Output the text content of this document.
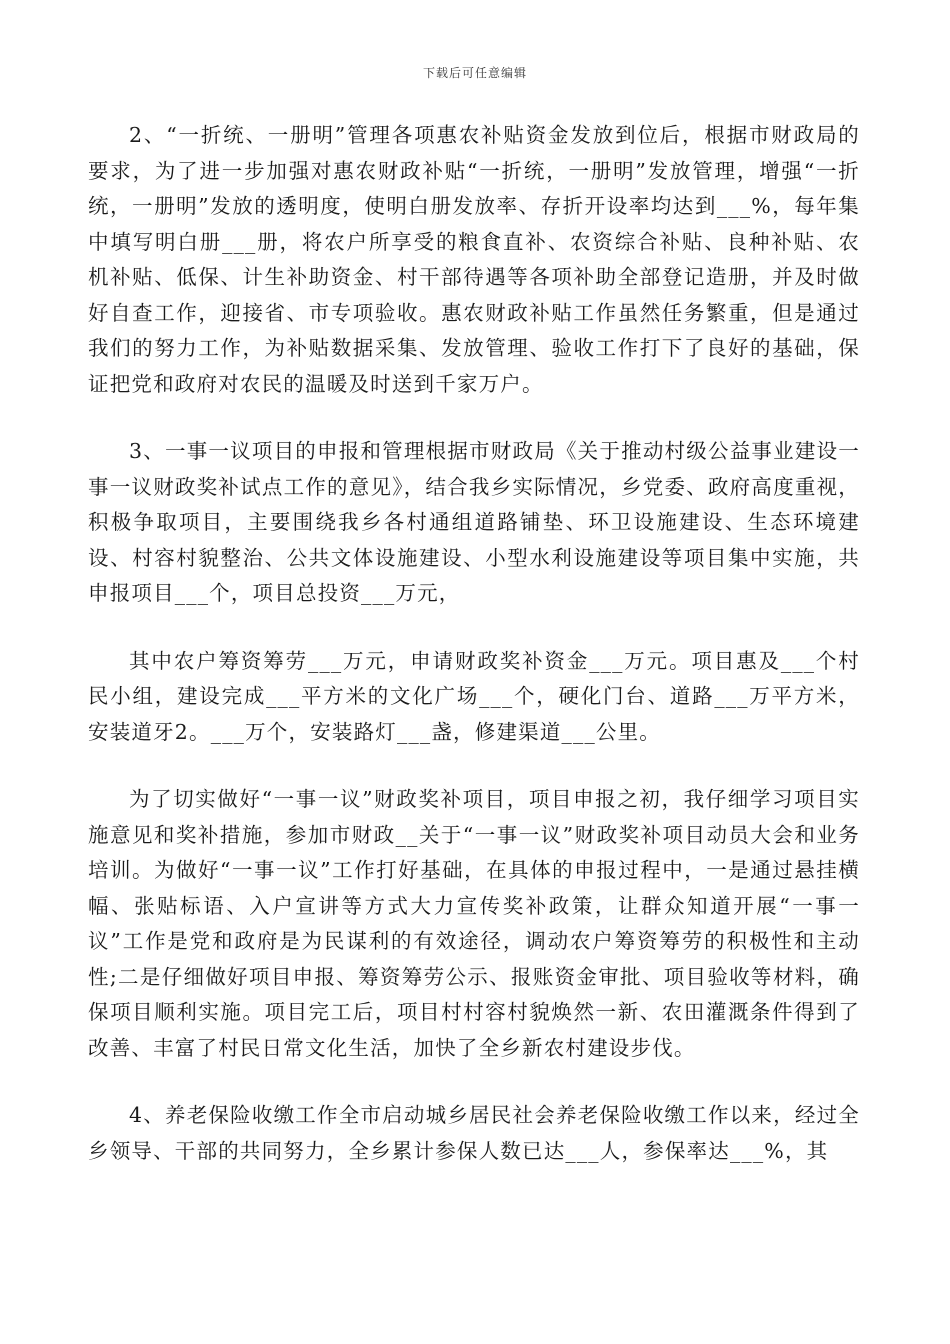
下载后可任意编辑

2、“一折统、一册明”管理各项惠农补贴资金发放到位后，根据市财政局的要求，为了进一步加强对惠农财政补贴“一折统，一册明”发放管理，增强“一折统，一册明”发放的透明度，使明白册发放率、存折开设率均达到___%，每年集中填写明白册___册，将农户所享受的粮食直补、农资综合补贴、良种补贴、农机补贴、低保、计生补助资金、村干部待遇等各项补助全部登记造册，并及时做好自查工作，迎接省、市专项验收。惠农财政补贴工作虽然任务繁重，但是通过我们的努力工作，为补贴数据采集、发放管理、验收工作打下了良好的基础，保证把党和政府对农民的温暖及时送到千家万户。

3、一事一议项目的申报和管理根据市财政局《关于推动村级公益事业建设一事一议财政奖补试点工作的意见》，结合我乡实际情况，乡党委、政府高度重视，积极争取项目，主要围绕我乡各村通组道路铺垫、环卫设施建设、生态环境建设、村容村貌整治、公共文体设施建设、小型水利设施建设等项目集中实施，共申报项目___个，项目总投资___万元，

其中农户筹资筹劳___万元，申请财政奖补资金___万元。项目惠及___个村民小组，建设完成___平方米的文化广场___个，硬化门台、道路___万平方米，安装道牙2。___万个，安装路灯___盏，修建渠道___公里。

为了切实做好“一事一议”财政奖补项目，项目申报之初，我仔细学习项目实施意见和奖补措施，参加市财政__关于“一事一议”财政奖补项目动员大会和业务培训。为做好“一事一议”工作打好基础，在具体的申报过程中，一是通过悬挂横幅、张贴标语、入户宣讲等方式大力宣传奖补政策，让群众知道开展“一事一议”工作是党和政府是为民谋利的有效途径，调动农户筹资筹劳的积极性和主动性;二是仔细做好项目申报、筹资筹劳公示、报账资金审批、项目验收等材料，确保项目顺利实施。项目完工后，项目村村容村貌焕然一新、农田灌溉条件得到了改善、丰富了村民日常文化生活，加快了全乡新农村建设步伐。

4、养老保险收缴工作全市启动城乡居民社会养老保险收缴工作以来，经过全乡领导、干部的共同努力，全乡累计参保人数已达___人，参保率达___%，其
